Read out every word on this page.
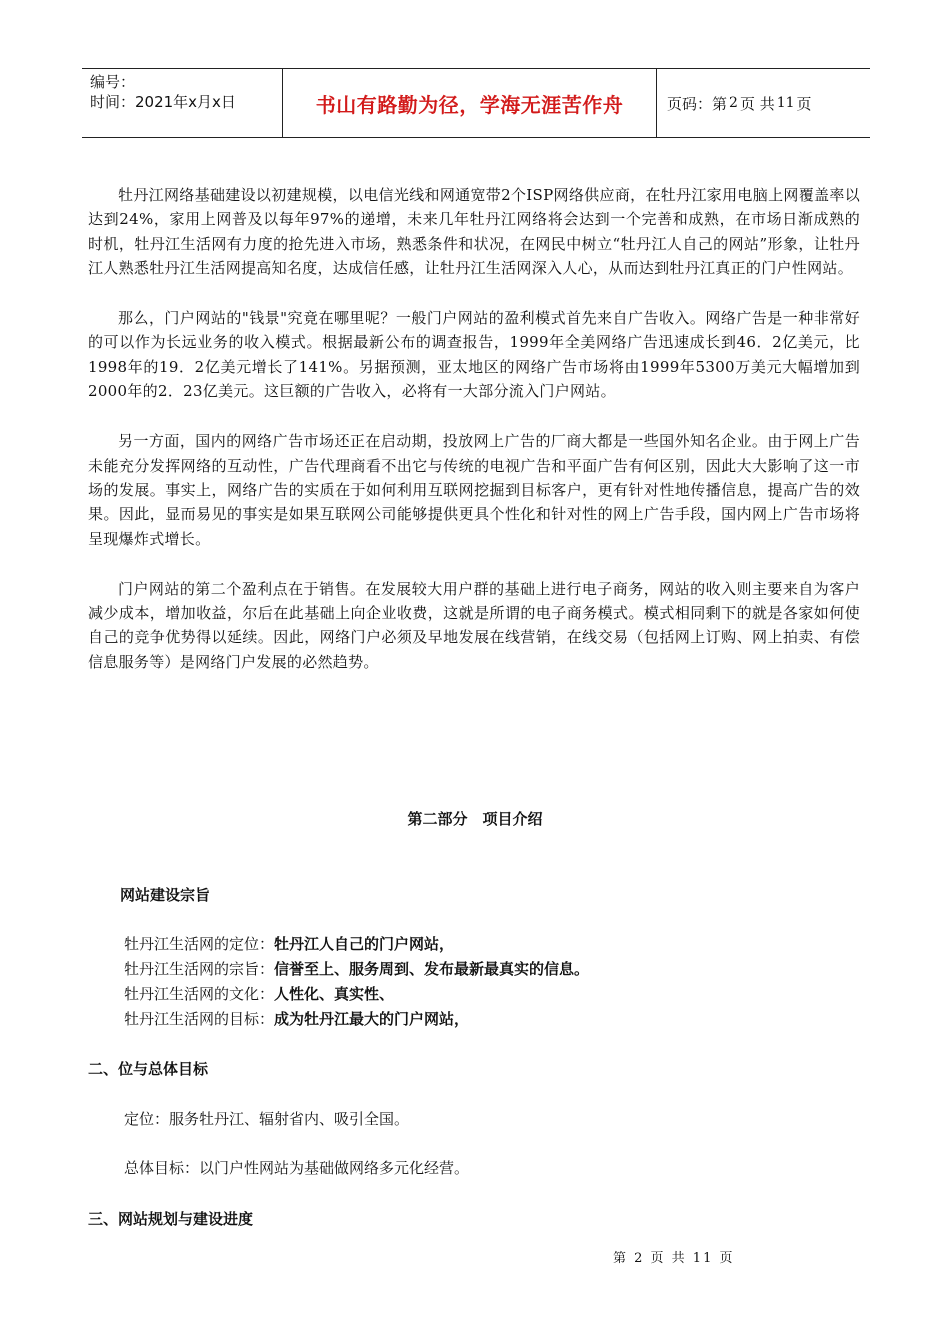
编号：
时间：2021年x月x日	书山有路勤为径，学海无涯苦作舟	页码：第 2 页 共 11 页

牡丹江网络基础建设以初建规模，以电信光线和网通宽带2个ISP网络供应商，在牡丹江家用电脑上网覆盖率以达到24%，家用上网普及以每年97%的递增，未来几年牡丹江网络将会达到一个完善和成熟，在市场日渐成熟的时机，牡丹江生活网有力度的抢先进入市场，熟悉条件和状况，在网民中树立“牡丹江人自己的网站”形象，让牡丹江人熟悉牡丹江生活网提高知名度，达成信任感，让牡丹江生活网深入人心，从而达到牡丹江真正的门户性网站。

那么，门户网站的"钱景"究竟在哪里呢？一般门户网站的盈利模式首先来自广告收入。网络广告是一种非常好的可以作为长远业务的收入模式。根据最新公布的调查报告，1999年全美网络广告迅速成长到46．2亿美元，比1998年的19．2亿美元增长了141%。另据预测，亚太地区的网络广告市场将由1999年5300万美元大幅增加到2000年的2．23亿美元。这巨额的广告收入，必将有一大部分流入门户网站。

另一方面，国内的网络广告市场还正在启动期，投放网上广告的厂商大都是一些国外知名企业。由于网上广告未能充分发挥网络的互动性，广告代理商看不出它与传统的电视广告和平面广告有何区别，因此大大影响了这一市场的发展。事实上，网络广告的实质在于如何利用互联网挖掘到目标客户，更有针对性地传播信息，提高广告的效果。因此，显而易见的事实是如果互联网公司能够提供更具个性化和针对性的网上广告手段，国内网上广告市场将呈现爆炸式增长。

门户网站的第二个盈利点在于销售。在发展较大用户群的基础上进行电子商务，网站的收入则主要来自为客户减少成本，增加收益，尔后在此基础上向企业收费，这就是所谓的电子商务模式。模式相同剩下的就是各家如何使自己的竞争优势得以延续。因此，网络门户必须及早地发展在线营销，在线交易（包括网上订购、网上拍卖、有偿信息服务等）是网络门户发展的必然趋势。

第二部分　项目介绍
网站建设宗旨
牡丹江生活网的定位：牡丹江人自己的门户网站，
牡丹江生活网的宗旨：信誉至上、服务周到、发布最新最真实的信息。
牡丹江生活网的文化：人性化、真实性、
牡丹江生活网的目标：成为牡丹江最大的门户网站，
二、位与总体目标
定位：服务牡丹江、辐射省内、吸引全国。
总体目标：以门户性网站为基础做网络多元化经营。
三、网站规划与建设进度
第 2 页 共 11 页
